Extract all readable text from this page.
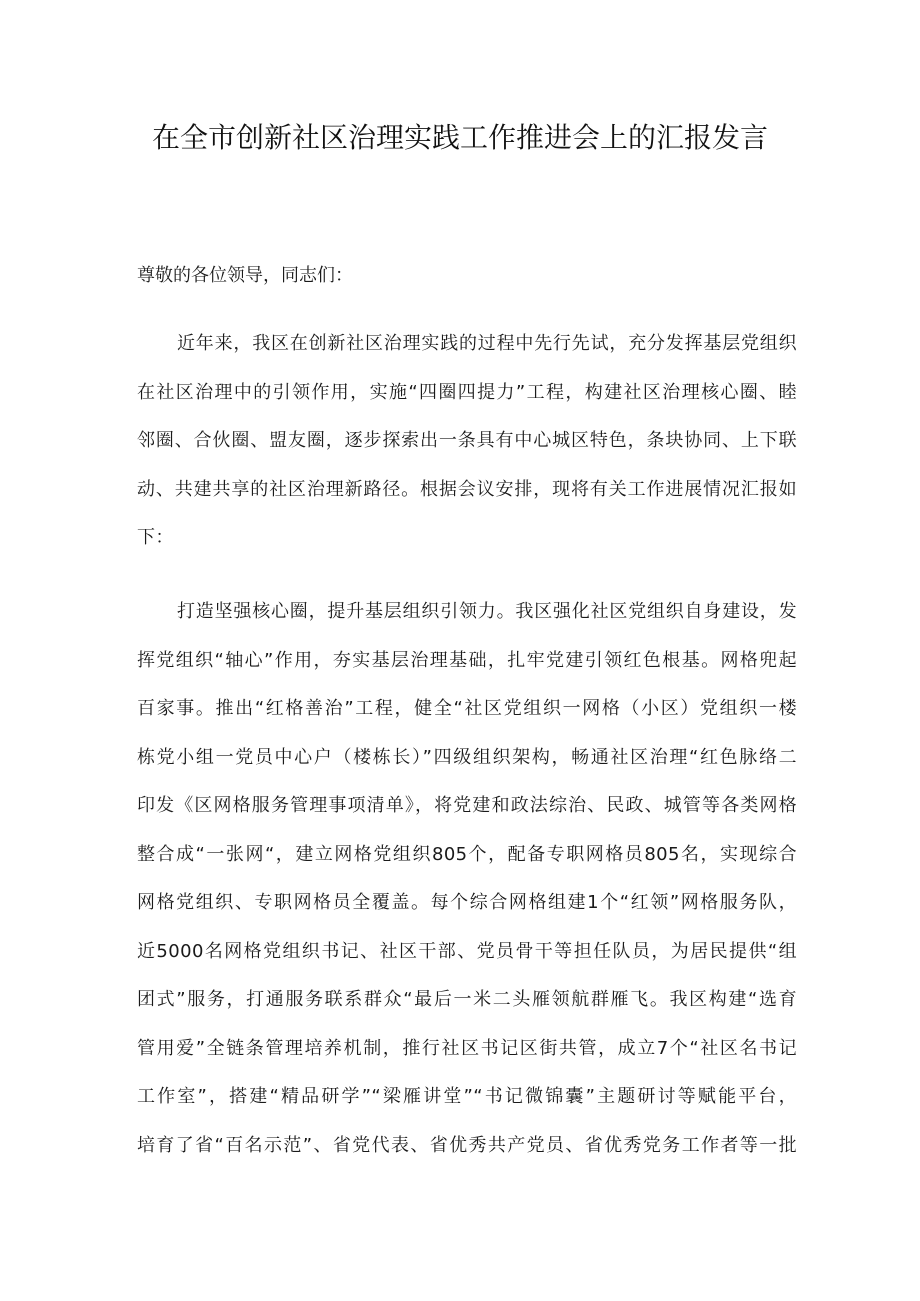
在全市创新社区治理实践工作推进会上的汇报发言

尊敬的各位领导，同志们：

近年来，我区在创新社区治理实践的过程中先行先试，充分发挥基层党组织
在社区治理中的引领作用，实施“四圈四提力”工程，构建社区治理核心圈、睦
邻圈、合伙圈、盟友圈，逐步探索出一条具有中心城区特色，条块协同、上下联
动、共建共享的社区治理新路径。根据会议安排，现将有关工作进展情况汇报如
下：
打造坚强核心圈，提升基层组织引领力。我区强化社区党组织自身建设，发
挥党组织“轴心”作用，夯实基层治理基础，扎牢党建引领红色根基。网格兜起
百家事。推出“红格善治”工程，健全“社区党组织一网格（小区）党组织一楼
栋党小组一党员中心户（楼栋长）”四级组织架构，畅通社区治理“红色脉络二
印发《区网格服务管理事项清单》，将党建和政法综治、民政、城管等各类网格
整合成“一张网“，建立网格党组织805个，配备专职网格员805名，实现综合
网格党组织、专职网格员全覆盖。每个综合网格组建1个“红领”网格服务队，
近5000名网格党组织书记、社区干部、党员骨干等担任队员，为居民提供“组
团式”服务，打通服务联系群众“最后一米二头雁领航群雁飞。我区构建“选育
管用爱”全链条管理培养机制，推行社区书记区街共管，成立7个“社区名书记
工作室”，搭建“精品研学”“梁雁讲堂”“书记微锦囊”主题研讨等赋能平台，
培育了省“百名示范”、省党代表、省优秀共产党员、省优秀党务工作者等一批
